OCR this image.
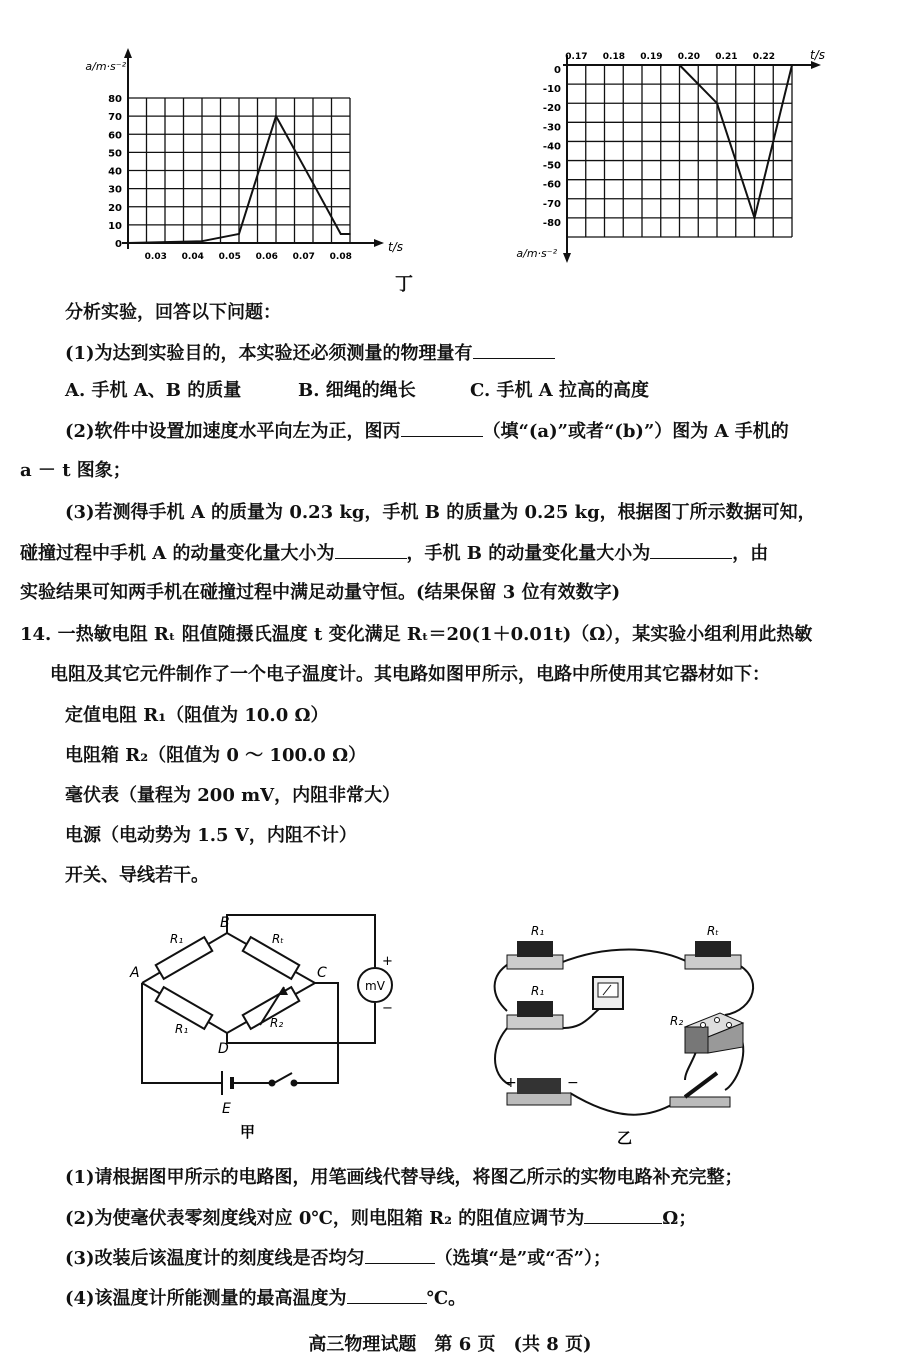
0
10
20
30
40
50
60
70
80
0.03 0.04 0.05 0.06 0.07 0.08
t/s
a/m·s⁻²	0
-10
-20
-30
-40
-50
-60
-70
-80
0.17 0.18 0.19 0.20 0.21 0.22	t/s
a/m·s⁻²
丁
分析实验，回答以下问题：
(1)为达到实验目的，本实验还必须测量的物理量有
A. 手机 A、B 的质量	B. 细绳的绳长	C. 手机 A 拉高的高度
(2)软件中设置加速度水平向左为正，图丙	（填“(a)”或者“(b)”）图为 A 手机的
a － t 图象；
(3)若测得手机 A 的质量为 0.23 kg，手机 B 的质量为 0.25 kg，根据图丁所示数据可知，
碰撞过程中手机 A 的动量变化量大小为	，手机 B 的动量变化量大小为	，由
实验结果可知两手机在碰撞过程中满足动量守恒。(结果保留 3 位有效数字)
14. 一热敏电阻 Rₜ 阻值随摄氏温度 t 变化满足 Rₜ＝20(1＋0.01t)（Ω），某实验小组利用此热敏
电阻及其它元件制作了一个电子温度计。其电路如图甲所示，电路中所使用其它器材如下：
定值电阻 R₁（阻值为 10.0 Ω）
电阻箱 R₂（阻值为 0 ～ 100.0 Ω）
毫伏表（量程为 200 mV，内阻非常大）
电源（电动势为 1.5 V，内阻不计）
开关、导线若干。
A
B
C
D
R₁	Rₜ
R₁	R₂
mV
+
−
E
甲
R₁	Rₜ
R₁
R₂
+	−
乙
(1)请根据图甲所示的电路图，用笔画线代替导线，将图乙所示的实物电路补充完整；
(2)为使毫伏表零刻度线对应 0℃，则电阻箱 R₂ 的阻值应调节为	Ω；
(3)改装后该温度计的刻度线是否均匀	（选填“是”或“否”）；
(4)该温度计所能测量的最高温度为	℃。
高三物理试题　第 6 页　(共 8 页)
